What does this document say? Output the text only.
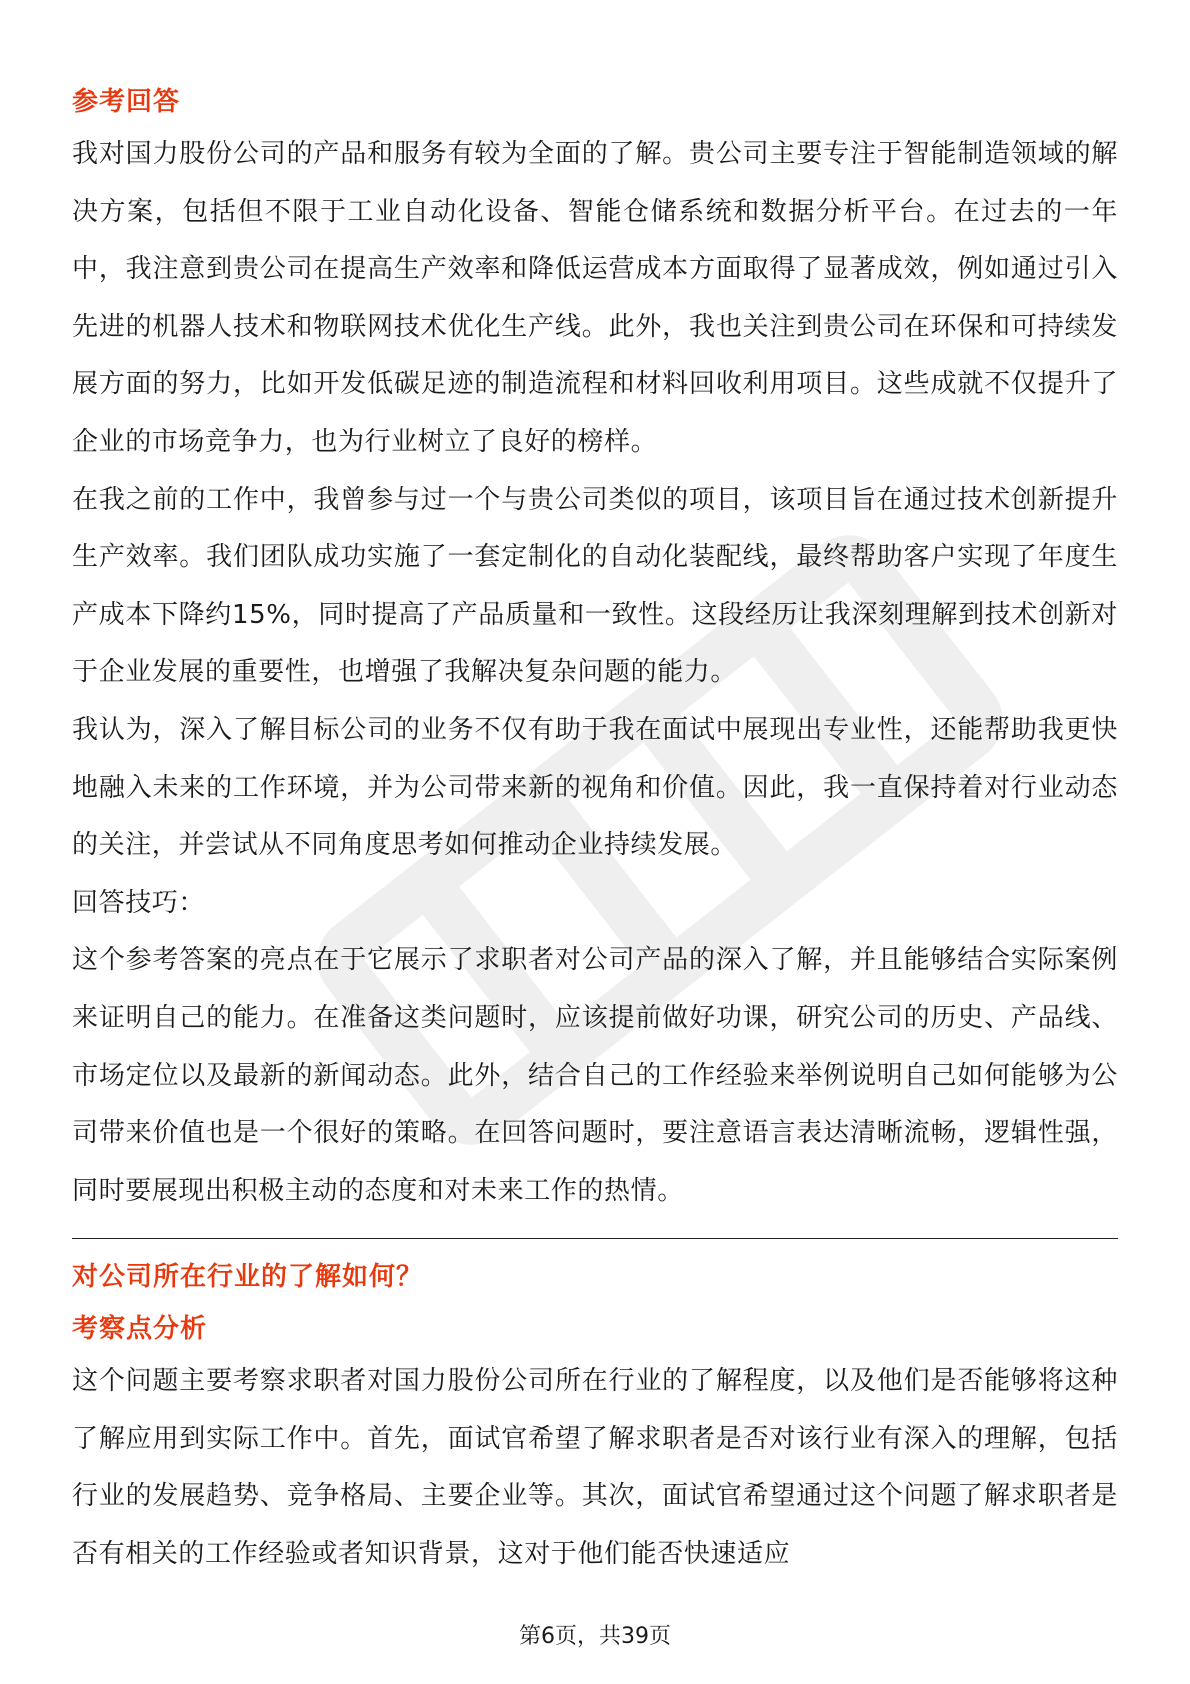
参考回答

我对国力股份公司的产品和服务有较为全面的了解。贵公司主要专注于智能制造领域的解决方案，包括但不限于工业自动化设备、智能仓储系统和数据分析平台。在过去的一年中，我注意到贵公司在提高生产效率和降低运营成本方面取得了显著成效，例如通过引入先进的机器人技术和物联网技术优化生产线。此外，我也关注到贵公司在环保和可持续发展方面的努力，比如开发低碳足迹的制造流程和材料回收利用项目。这些成就不仅提升了企业的市场竞争力，也为行业树立了良好的榜样。

在我之前的工作中，我曾参与过一个与贵公司类似的项目，该项目旨在通过技术创新提升生产效率。我们团队成功实施了一套定制化的自动化装配线，最终帮助客户实现了年度生产成本下降约15%，同时提高了产品质量和一致性。这段经历让我深刻理解到技术创新对于企业发展的重要性，也增强了我解决复杂问题的能力。

我认为，深入了解目标公司的业务不仅有助于我在面试中展现出专业性，还能帮助我更快地融入未来的工作环境，并为公司带来新的视角和价值。因此，我一直保持着对行业动态的关注，并尝试从不同角度思考如何推动企业持续发展。

回答技巧：

这个参考答案的亮点在于它展示了求职者对公司产品的深入了解，并且能够结合实际案例来证明自己的能力。在准备这类问题时，应该提前做好功课，研究公司的历史、产品线、市场定位以及最新的新闻动态。此外，结合自己的工作经验来举例说明自己如何能够为公司带来价值也是一个很好的策略。在回答问题时，要注意语言表达清晰流畅，逻辑性强，同时要展现出积极主动的态度和对未来工作的热情。

对公司所在行业的了解如何？
考察点分析

这个问题主要考察求职者对国力股份公司所在行业的了解程度，以及他们是否能够将这种了解应用到实际工作中。首先，面试官希望了解求职者是否对该行业有深入的理解，包括行业的发展趋势、竞争格局、主要企业等。其次，面试官希望通过这个问题了解求职者是否有相关的工作经验或者知识背景，这对于他们能否快速适应

第6页，共39页
